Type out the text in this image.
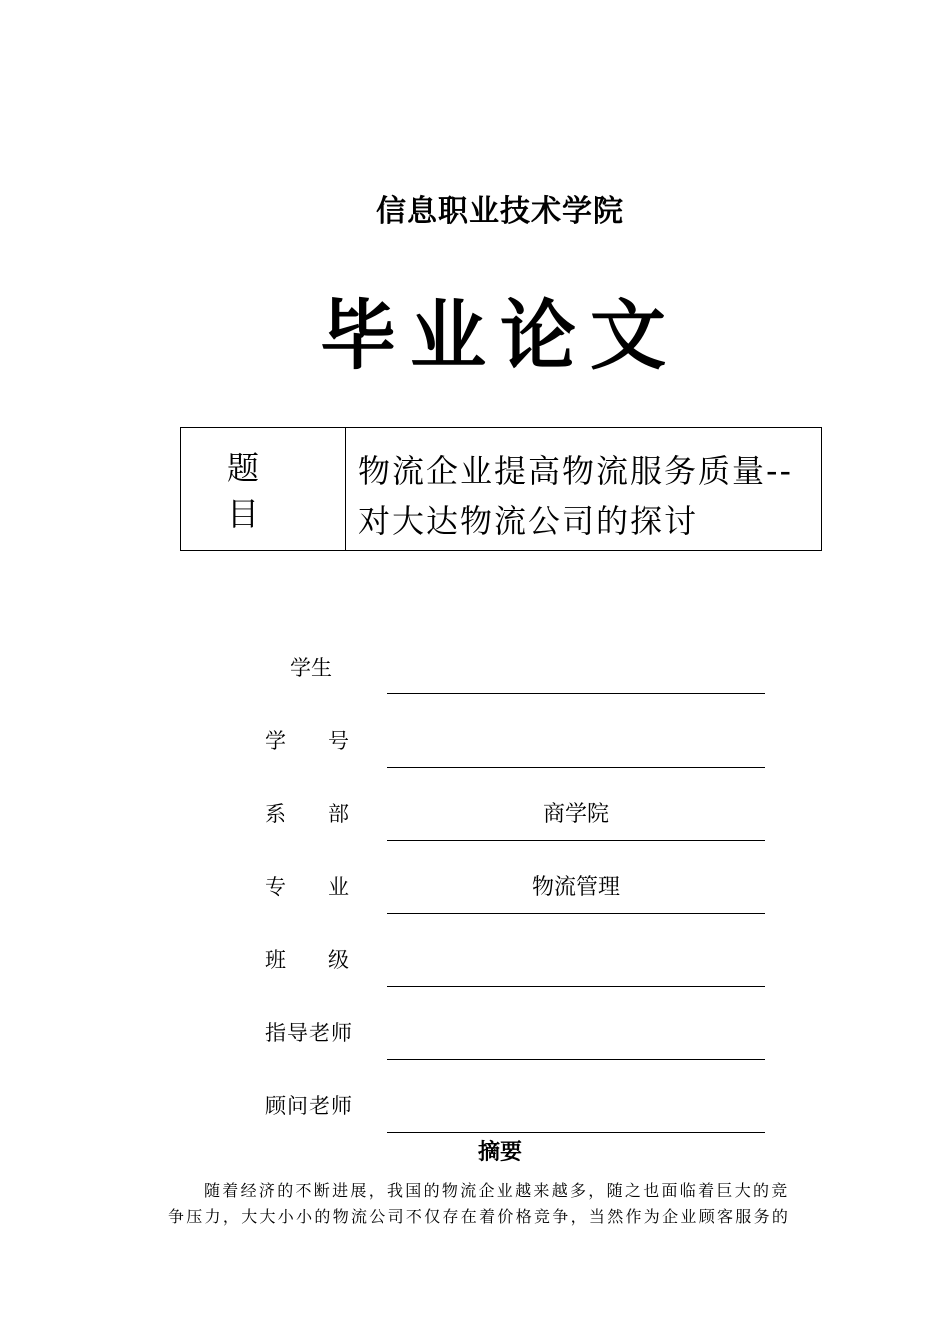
信息职业技术学院
毕业论文
题目
物流企业提高物流服务质量--
对大达物流公司的探讨
学生
学　　号
系　　部	商学院
专　　业	物流管理
班　　级
指导老师
顾问老师
摘要
随着经济的不断进展，我国的物流企业越来越多，随之也面临着巨大的竞
争压力，大大小小的物流公司不仅存在着价格竞争，当然作为企业顾客服务的
